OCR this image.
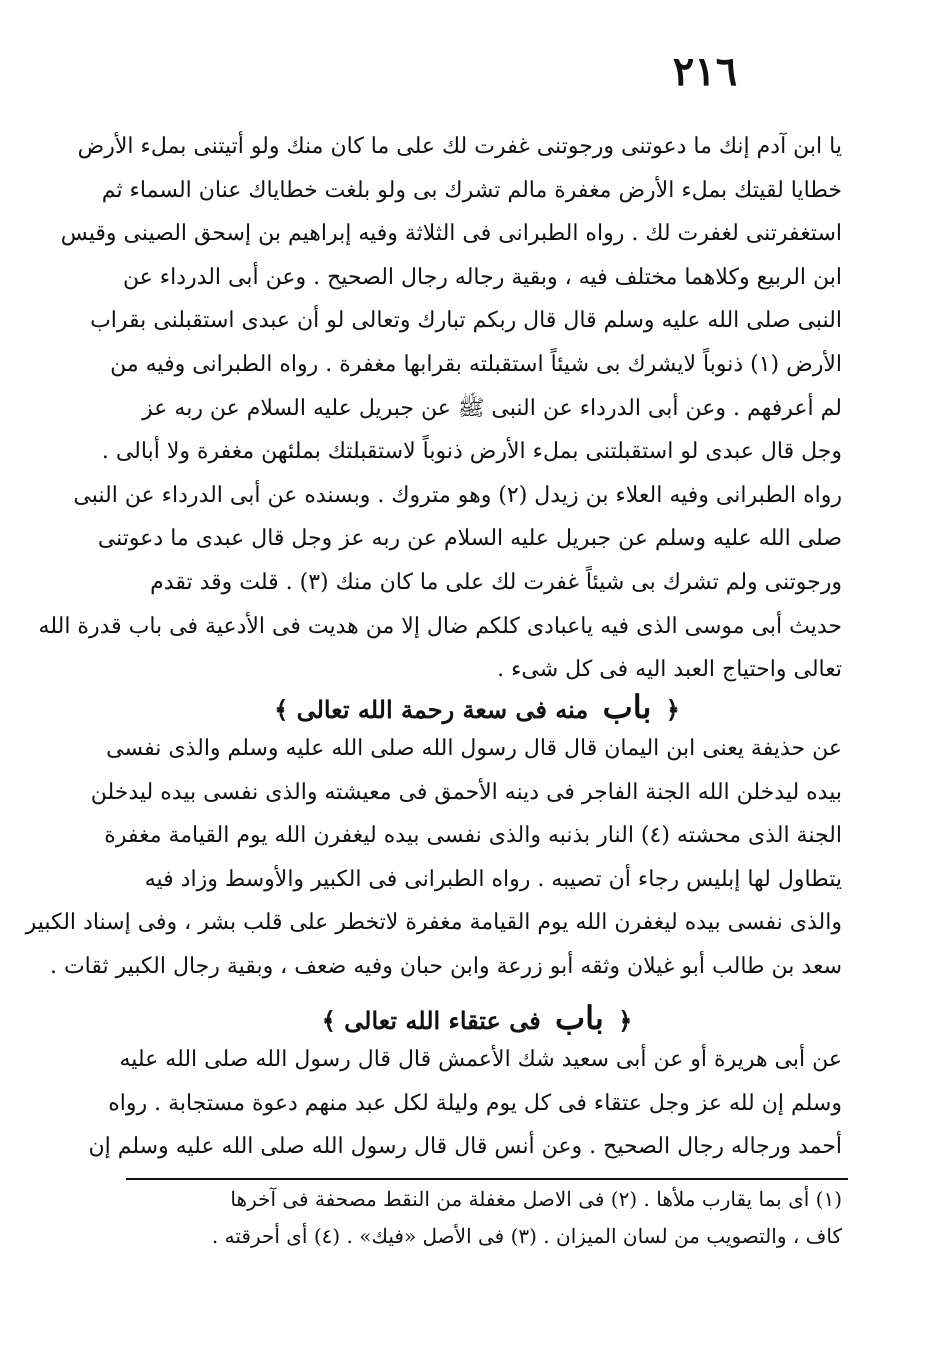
٢١٦
يا ابن آدم إنك ما دعوتنى ورجوتنى غفرت لك على ما كان منك ولو أتيتنى بملء الأرض
خطايا لقيتك بملء الأرض مغفرة مالم تشرك بى ولو بلغت خطاياك عنان السماء ثم
استغفرتنى لغفرت لك . رواه الطبرانى فى الثلاثة وفيه إبراهيم بن إسحق الصينى وقيس
ابن الربيع وكلاهما مختلف فيه ، وبقية رجاله رجال الصحيح . وعن أبى الدرداء عن
النبى صلى الله عليه وسلم قال قال ربكم تبارك وتعالى لو أن عبدى استقبلنى بقراب
الأرض (١) ذنوباً لايشرك بى شيئاً استقبلته بقرابها مغفرة . رواه الطبرانى وفيه من
لم أعرفهم . وعن أبى الدرداء عن النبى ﷺ عن جبريل عليه السلام عن ربه عز
وجل قال عبدى لو استقبلتنى بملء الأرض ذنوباً لاستقبلتك بملئهن مغفرة ولا أبالى .
رواه الطبرانى وفيه العلاء بن زيدل (٢) وهو متروك . وبسنده عن أبى الدرداء عن النبى
صلى الله عليه وسلم عن جبريل عليه السلام عن ربه عز وجل قال عبدى ما دعوتنى
ورجوتنى ولم تشرك بى شيئاً غفرت لك على ما كان منك (٣) . قلت وقد تقدم
حديث أبى موسى الذى فيه ياعبادى كلكم ضال إلا من هديت فى الأدعية فى باب قدرة الله
تعالى واحتياج العبد اليه فى كل شىء .
﴿ باب منه فى سعة رحمة الله تعالى ﴾
عن حذيفة يعنى ابن اليمان قال قال رسول الله صلى الله عليه وسلم والذى نفسى
بيده ليدخلن الله الجنة الفاجر فى دينه الأحمق فى معيشته والذى نفسى بيده ليدخلن
الجنة الذى محشته (٤) النار بذنبه والذى نفسى بيده ليغفرن الله يوم القيامة مغفرة
يتطاول لها إبليس رجاء أن تصيبه . رواه الطبرانى فى الكبير والأوسط وزاد فيه
والذى نفسى بيده ليغفرن الله يوم القيامة مغفرة لاتخطر على قلب بشر ، وفى إسناد الكبير
سعد بن طالب أبو غيلان وثقه أبو زرعة وابن حبان وفيه ضعف ، وبقية رجال الكبير ثقات .
﴿ باب فى عتقاء الله تعالى ﴾
عن أبى هريرة أو عن أبى سعيد شك الأعمش قال قال رسول الله صلى الله عليه
وسلم إن لله عز وجل عتقاء فى كل يوم وليلة لكل عبد منهم دعوة مستجابة . رواه
أحمد ورجاله رجال الصحيح . وعن أنس قال قال رسول الله صلى الله عليه وسلم إن
(١) أى بما يقارب ملأها . (٢) فى الاصل مغفلة من النقط مصحفة فى آخرها
كاف ، والتصويب من لسان الميزان . (٣) فى الأصل «فيك» . (٤) أى أحرقته .
